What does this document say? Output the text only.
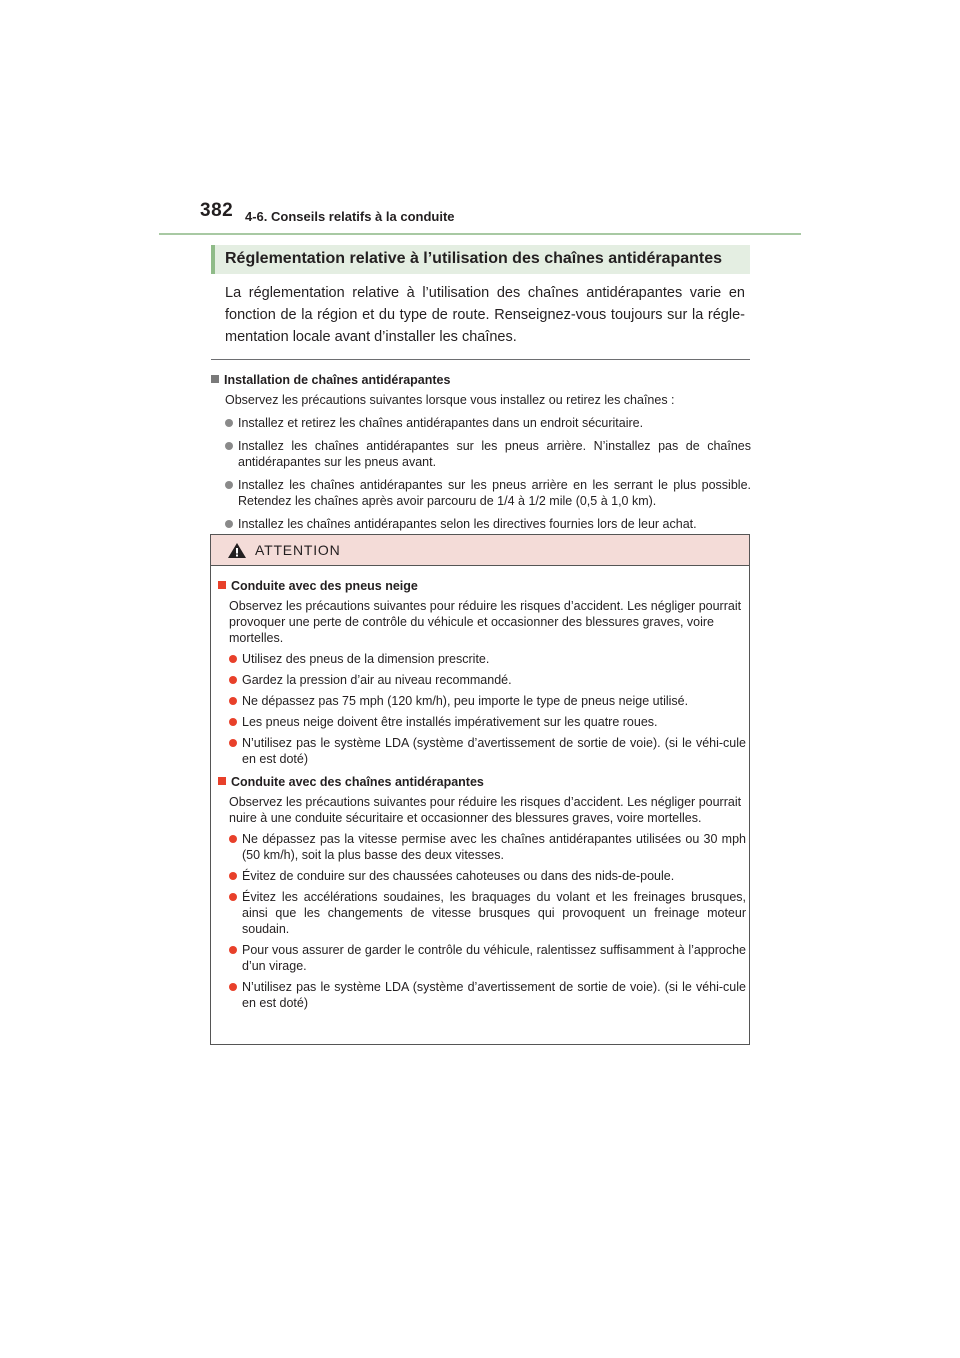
382 4-6. Conseils relatifs à la conduite
Réglementation relative à l’utilisation des chaînes antidérapantes
La réglementation relative à l’utilisation des chaînes antidérapantes varie en fonction de la région et du type de route. Renseignez-vous toujours sur la régle-mentation locale avant d’installer les chaînes.
Installation de chaînes antidérapantes
Observez les précautions suivantes lorsque vous installez ou retirez les chaînes :
Installez et retirez les chaînes antidérapantes dans un endroit sécuritaire.
Installez les chaînes antidérapantes sur les pneus arrière. N’installez pas de chaînes antidérapantes sur les pneus avant.
Installez les chaînes antidérapantes sur les pneus arrière en les serrant le plus possible. Retendez les chaînes après avoir parcouru de 1/4 à 1/2 mile (0,5 à 1,0 km).
Installez les chaînes antidérapantes selon les directives fournies lors de leur achat.
ATTENTION
Conduite avec des pneus neige
Observez les précautions suivantes pour réduire les risques d’accident. Les négliger pourrait provoquer une perte de contrôle du véhicule et occasionner des blessures graves, voire mortelles.
Utilisez des pneus de la dimension prescrite.
Gardez la pression d’air au niveau recommandé.
Ne dépassez pas 75 mph (120 km/h), peu importe le type de pneus neige utilisé.
Les pneus neige doivent être installés impérativement sur les quatre roues.
N’utilisez pas le système LDA (système d’avertissement de sortie de voie). (si le véhi-cule en est doté)
Conduite avec des chaînes antidérapantes
Observez les précautions suivantes pour réduire les risques d’accident. Les négliger pourrait nuire à une conduite sécuritaire et occasionner des blessures graves, voire mortelles.
Ne dépassez pas la vitesse permise avec les chaînes antidérapantes utilisées ou 30 mph (50 km/h), soit la plus basse des deux vitesses.
Évitez de conduire sur des chaussées cahoteuses ou dans des nids-de-poule.
Évitez les accélérations soudaines, les braquages du volant et les freinages brusques, ainsi que les changements de vitesse brusques qui provoquent un freinage moteur soudain.
Pour vous assurer de garder le contrôle du véhicule, ralentissez suffisamment à l’approche d’un virage.
N’utilisez pas le système LDA (système d’avertissement de sortie de voie). (si le véhi-cule en est doté)
